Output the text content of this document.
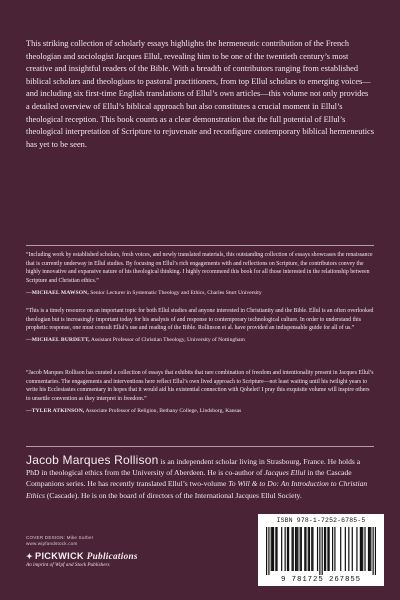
This striking collection of scholarly essays highlights the hermeneutic contribution of the French theologian and sociologist Jacques Ellul, revealing him to be one of the twentieth century’s most creative and insightful readers of the Bible. With a breadth of contributors ranging from established biblical scholars and theologians to pastoral practitioners, from top Ellul scholars to emerging voices—and including six first-time English translations of Ellul’s own articles—this volume not only provides a detailed overview of Ellul’s biblical approach but also constitutes a crucial moment in Ellul’s theological reception. This book counts as a clear demonstration that the full potential of Ellul’s theological interpretation of Scripture to rejuvenate and reconfigure contemporary biblical hermeneutics has yet to be seen.

“Including work by established scholars, fresh voices, and newly translated materials, this outstanding collection of essays showcases the renaissance that is currently underway in Ellul studies. By focusing on Ellul’s rich engagements with and reflections on Scripture, the contributors convey the highly innovative and expansive nature of his theological thinking. I highly recommend this book for all those interested in the relationship between Scripture and Christian ethics.”

—MICHAEL MAWSON, Senior Lecturer in Systematic Theology and Ethics, Charles Sturt University

“This is a timely resource on an important topic for both Ellul studies and anyone interested in Christianity and the Bible. Ellul is an often overlooked theologian but is increasingly important today for his analysis of and response to contemporary technological culture. In order to understand this prophetic response, one must consult Ellul’s use and reading of the Bible. Rollinson et al. have provided an indispensable guide for all of us.”

—MICHAEL BURDETT, Assistant Professor of Christian Theology, University of Nottingham

“Jacob Marques Rollison has curated a collection of essays that exhibits that rare combination of freedom and intentionality present in Jacques Ellul’s commentaries. The engagements and interventions here reflect Ellul’s own lived approach to Scripture—not least waiting until his twilight years to write his Ecclesiastes commentary in hopes that it would aid his existential connection with Qohelet! I pray this exquisite volume will inspire others to unsettle convention as they interpret in freedom.”

—TYLER ATKINSON, Associate Professor of Religion, Bethany College, Lindsborg, Kansas

Jacob Marques Rollison is an independent scholar living in Strasbourg, France. He holds a PhD in theological ethics from the University of Aberdeen. He is co-author of Jacques Ellul in the Cascade Companions series. He has recently translated Ellul’s two-volume To Will & to Do: An Introduction to Christian Ethics (Cascade). He is on the board of directors of the International Jacques Ellul Society.

COVER DESIGN: Mike Surber
www.wipfandstock.com
✦ PICKWICK Publications
An imprint of Wipf and Stock Publishers
ISBN 978-1-7252-6785-5
9 781725 267855
